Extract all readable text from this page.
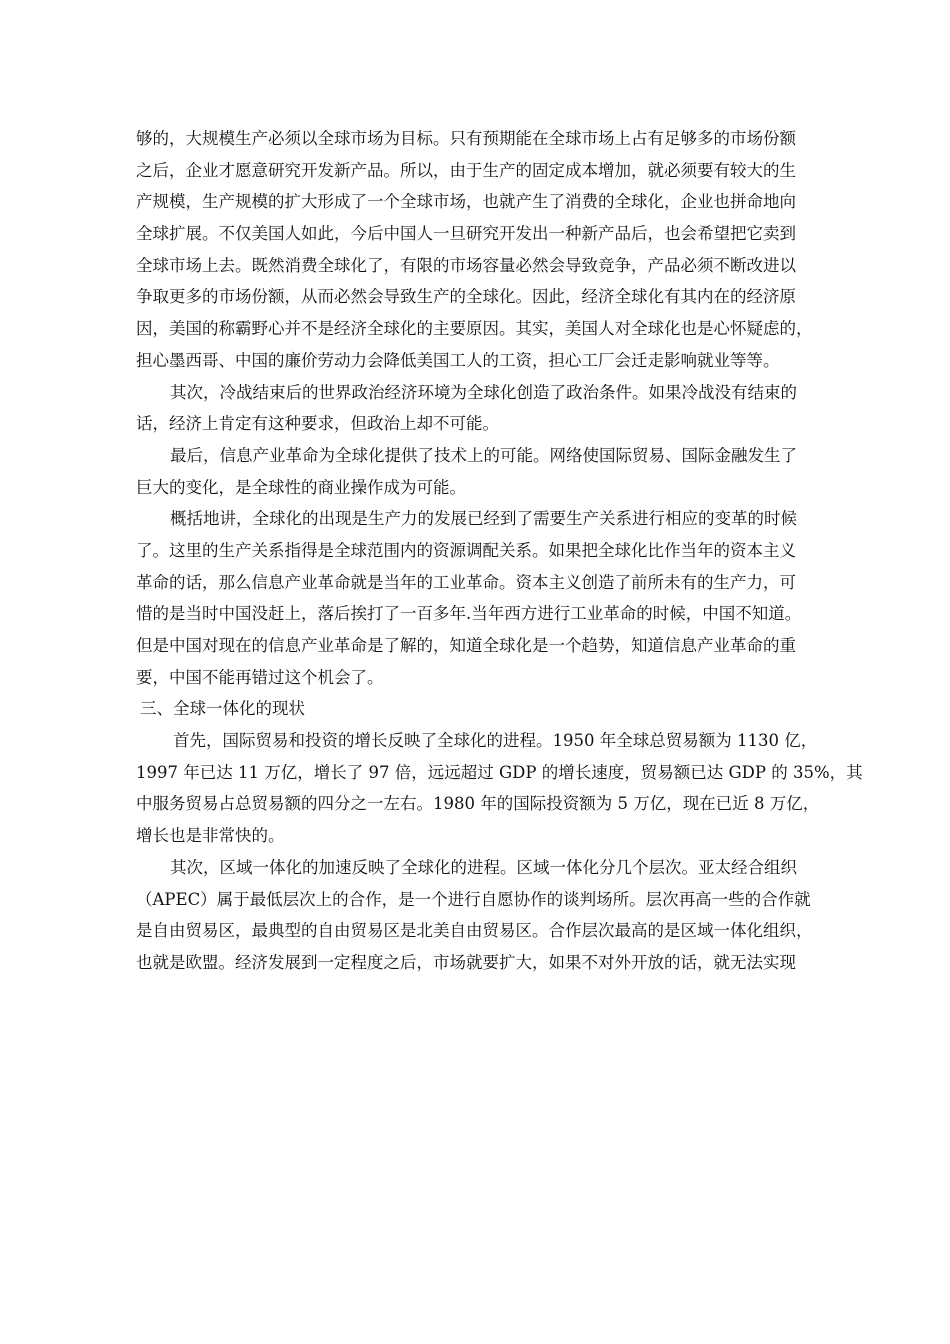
够的，大规模生产必须以全球市场为目标。只有预期能在全球市场上占有足够多的市场份额
之后，企业才愿意研究开发新产品。所以，由于生产的固定成本增加，就必须要有较大的生
产规模，生产规模的扩大形成了一个全球市场，也就产生了消费的全球化，企业也拼命地向
全球扩展。不仅美国人如此，今后中国人一旦研究开发出一种新产品后，也会希望把它卖到
全球市场上去。既然消费全球化了，有限的市场容量必然会导致竞争，产品必须不断改进以
争取更多的市场份额，从而必然会导致生产的全球化。因此，经济全球化有其内在的经济原
因，美国的称霸野心并不是经济全球化的主要原因。其实，美国人对全球化也是心怀疑虑的，
担心墨西哥、中国的廉价劳动力会降低美国工人的工资，担心工厂会迁走影响就业等等。
其次，冷战结束后的世界政治经济环境为全球化创造了政治条件。如果冷战没有结束的
话，经济上肯定有这种要求，但政治上却不可能。
最后，信息产业革命为全球化提供了技术上的可能。网络使国际贸易、国际金融发生了
巨大的变化，是全球性的商业操作成为可能。
概括地讲，全球化的出现是生产力的发展已经到了需要生产关系进行相应的变革的时候
了。这里的生产关系指得是全球范围内的资源调配关系。如果把全球化比作当年的资本主义
革命的话，那么信息产业革命就是当年的工业革命。资本主义创造了前所未有的生产力，可
惜的是当时中国没赶上，落后挨打了一百多年.当年西方进行工业革命的时候，中国不知道。
但是中国对现在的信息产业革命是了解的，知道全球化是一个趋势，知道信息产业革命的重
要，中国不能再错过这个机会了。
三、全球一体化的现状
首先，国际贸易和投资的增长反映了全球化的进程。1950 年全球总贸易额为 1130 亿，
1997 年已达 11 万亿，增长了 97 倍，远远超过 GDP 的增长速度，贸易额已达 GDP 的 35%，其
中服务贸易占总贸易额的四分之一左右。1980 年的国际投资额为 5 万亿，现在已近 8 万亿，
增长也是非常快的。
其次，区域一体化的加速反映了全球化的进程。区域一体化分几个层次。亚太经合组织
（APEC）属于最低层次上的合作，是一个进行自愿协作的谈判场所。层次再高一些的合作就
是自由贸易区，最典型的自由贸易区是北美自由贸易区。合作层次最高的是区域一体化组织，
也就是欧盟。经济发展到一定程度之后，市场就要扩大，如果不对外开放的话，就无法实现
